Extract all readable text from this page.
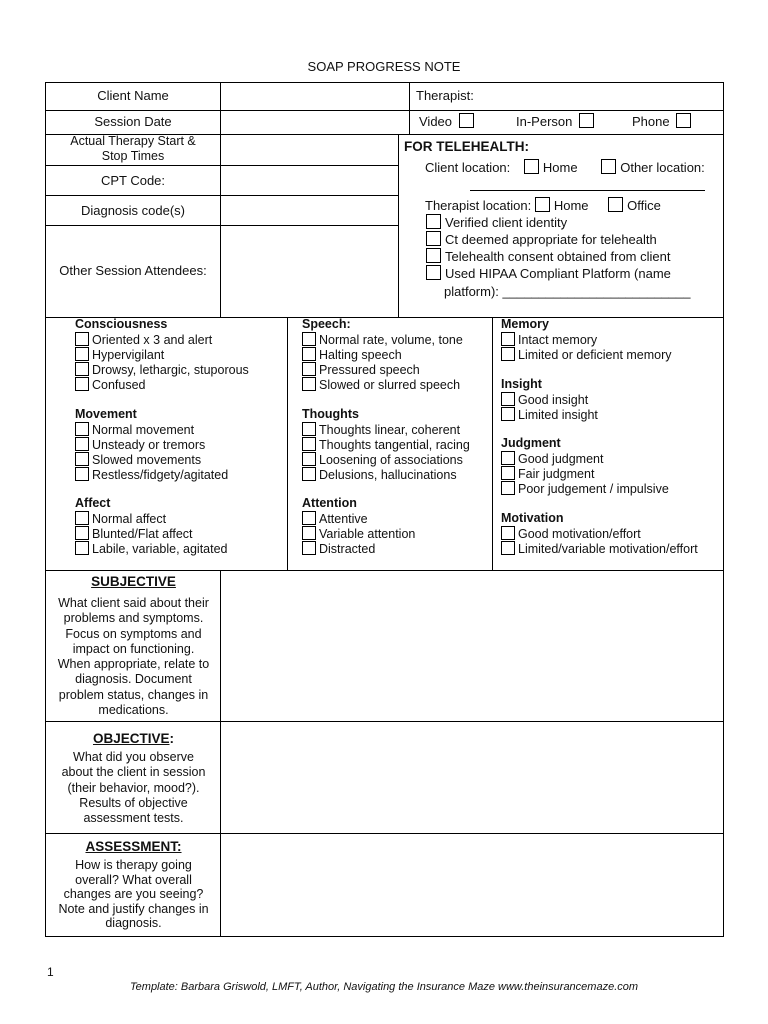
SOAP PROGRESS NOTE
Client Name	Therapist:
Session Date	Video	In-Person	Phone
Actual Therapy Start &
Stop Times
CPT Code:
Diagnosis code(s)
Other Session Attendees:
FOR TELEHEALTH:
Client location:	Home	Other location:
Therapist location: Home	Office
Verified client identity
Ct deemed appropriate for telehealth
Telehealth consent obtained from client
Used HIPAA Compliant Platform (name
platform): __________________________
Consciousness
Oriented x 3 and alert
Hypervigilant
Drowsy, lethargic, stuporous
Confused
Movement
Normal movement
Unsteady or tremors
Slowed movements
Restless/fidgety/agitated
Affect
Normal affect
Blunted/Flat affect
Labile, variable, agitated
Speech:
Normal rate, volume, tone
Halting speech
Pressured speech
Slowed or slurred speech
Thoughts
Thoughts linear, coherent
Thoughts tangential, racing
Loosening of associations
Delusions, hallucinations
Attention
Attentive
Variable attention
Distracted
Memory
Intact memory
Limited or deficient memory
Insight
Good insight
Limited insight
Judgment
Good judgment
Fair judgment
Poor judgement / impulsive
Motivation
Good motivation/effort
Limited/variable motivation/effort
SUBJECTIVE
What client said about their
problems and symptoms.
Focus on symptoms and
impact on functioning.
When appropriate, relate to
diagnosis. Document
problem status, changes in
medications.
OBJECTIVE:
What did you observe
about the client in session
(their behavior, mood?).
Results of objective
assessment tests.
ASSESSMENT:
How is therapy going
overall? What overall
changes are you seeing?
Note and justify changes in
diagnosis.
1
Template: Barbara Griswold, LMFT, Author, Navigating the Insurance Maze www.theinsurancemaze.com
